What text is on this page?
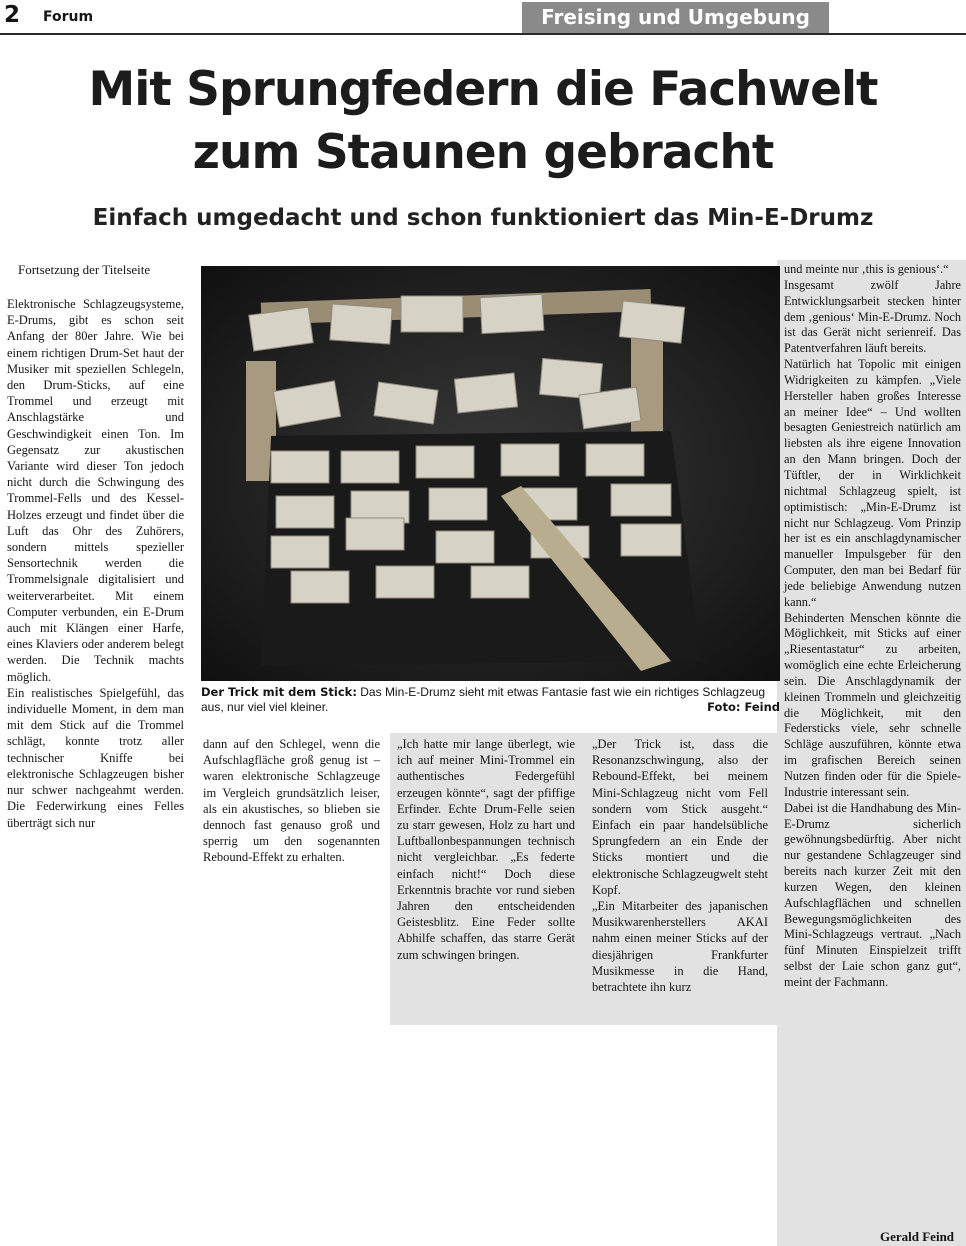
2 Forum	Freising und Umgebung
Mit Sprungfedern die Fachwelt
zum Staunen gebracht
Einfach umgedacht und schon funktioniert das Min-E-Drumz
Fortsetzung der Titelseite

Elektronische Schlagzeugsysteme, E-Drums, gibt es schon seit Anfang der 80er Jahre. Wie bei einem richtigen Drum-Set haut der Musiker mit speziellen Schlegeln, den Drum-Sticks, auf eine Trommel und erzeugt mit Anschlagstärke und Geschwindigkeit einen Ton. Im Gegensatz zur akustischen Variante wird dieser Ton jedoch nicht durch die Schwingung des Trommel-Fells und des Kessel-Holzes erzeugt und findet über die Luft das Ohr des Zuhörers, sondern mittels spezieller Sensortechnik werden die Trommelsignale digitalisiert und weiterverarbeitet. Mit einem Computer verbunden, ein E-Drum auch mit Klängen einer Harfe, eines Klaviers oder anderem belegt werden. Die Technik machts möglich.

Ein realistisches Spielgefühl, das individuelle Moment, in dem man mit dem Stick auf die Trommel schlägt, konnte trotz aller technischer Kniffe bei elektronische Schlagzeugen bisher nur schwer nachgeahmt werden. Die Federwirkung eines Felles überträgt sich nur

Der Trick mit dem Stick: Das Min-E-Drumz sieht mit etwas Fantasie fast wie ein richtiges Schlagzeug aus, nur viel viel kleiner.	Foto: Feind

dann auf den Schlegel, wenn die Aufschlagfläche groß genug ist – waren elektronische Schlagzeuge im Vergleich grundsätzlich leiser, als ein akustisches, so blieben sie dennoch fast genauso groß und sperrig um den sogenannten Rebound-Effekt zu erhalten.

„Ich hatte mir lange überlegt, wie ich auf meiner Mini-Trommel ein authentisches Federgefühl erzeugen könnte“, sagt der pfiffige Erfinder. Echte Drum-Felle seien zu starr gewesen, Holz zu hart und Luftballonbespannungen technisch nicht vergleichbar. „Es federte einfach nicht!“ Doch diese Erkenntnis brachte vor rund sieben Jahren den entscheidenden Geistesblitz. Eine Feder sollte Abhilfe schaffen, das starre Gerät zum schwingen bringen.

„Der Trick ist, dass die Resonanzschwingung, also der Rebound-Effekt, bei meinem Mini-Schlagzeug nicht vom Fell sondern vom Stick ausgeht.“ Einfach ein paar handelsübliche Sprungfedern an ein Ende der Sticks montiert und die elektronische Schlagzeugwelt steht Kopf.

„Ein Mitarbeiter des japanischen Musikwarenherstellers AKAI nahm einen meiner Sticks auf der diesjährigen Frankfurter Musikmesse in die Hand, betrachtete ihn kurz

und meinte nur ‚this is genious‘.“

Insgesamt zwölf Jahre Entwicklungsarbeit stecken hinter dem ‚genious‘ Min-E-Drumz. Noch ist das Gerät nicht serienreif. Das Patentverfahren läuft bereits.

Natürlich hat Topolic mit einigen Widrigkeiten zu kämpfen. „Viele Hersteller haben großes Interesse an meiner Idee“ – Und wollten besagten Geniestreich natürlich am liebsten als ihre eigene Innovation an den Mann bringen. Doch der Tüftler, der in Wirklichkeit nichtmal Schlagzeug spielt, ist optimistisch: „Min-E-Drumz ist nicht nur Schlagzeug. Vom Prinzip her ist es ein anschlagdynamischer manueller Impulsgeber für den Computer, den man bei Bedarf für jede beliebige Anwendung nutzen kann.“

Behinderten Menschen könnte die Möglichkeit, mit Sticks auf einer „Riesentastatur“ zu arbeiten, womöglich eine echte Erleicherung sein. Die Anschlagdynamik der kleinen Trommeln und gleichzeitig die Möglichkeit, mit den Federsticks viele, sehr schnelle Schläge auszuführen, könnte etwa im grafischen Bereich seinen Nutzen finden oder für die Spiele-Industrie interessant sein.

Dabei ist die Handhabung des Min-E-Drumz sicherlich gewöhnungsbedürftig. Aber nicht nur gestandene Schlagzeuger sind bereits nach kurzer Zeit mit den kurzen Wegen, den kleinen Aufschlagflächen und schnellen Bewegungsmöglichkeiten des Mini-Schlagzeugs vertraut. „Nach fünf Minuten Einspielzeit trifft selbst der Laie schon ganz gut“, meint der Fachmann.

Gerald Feind
